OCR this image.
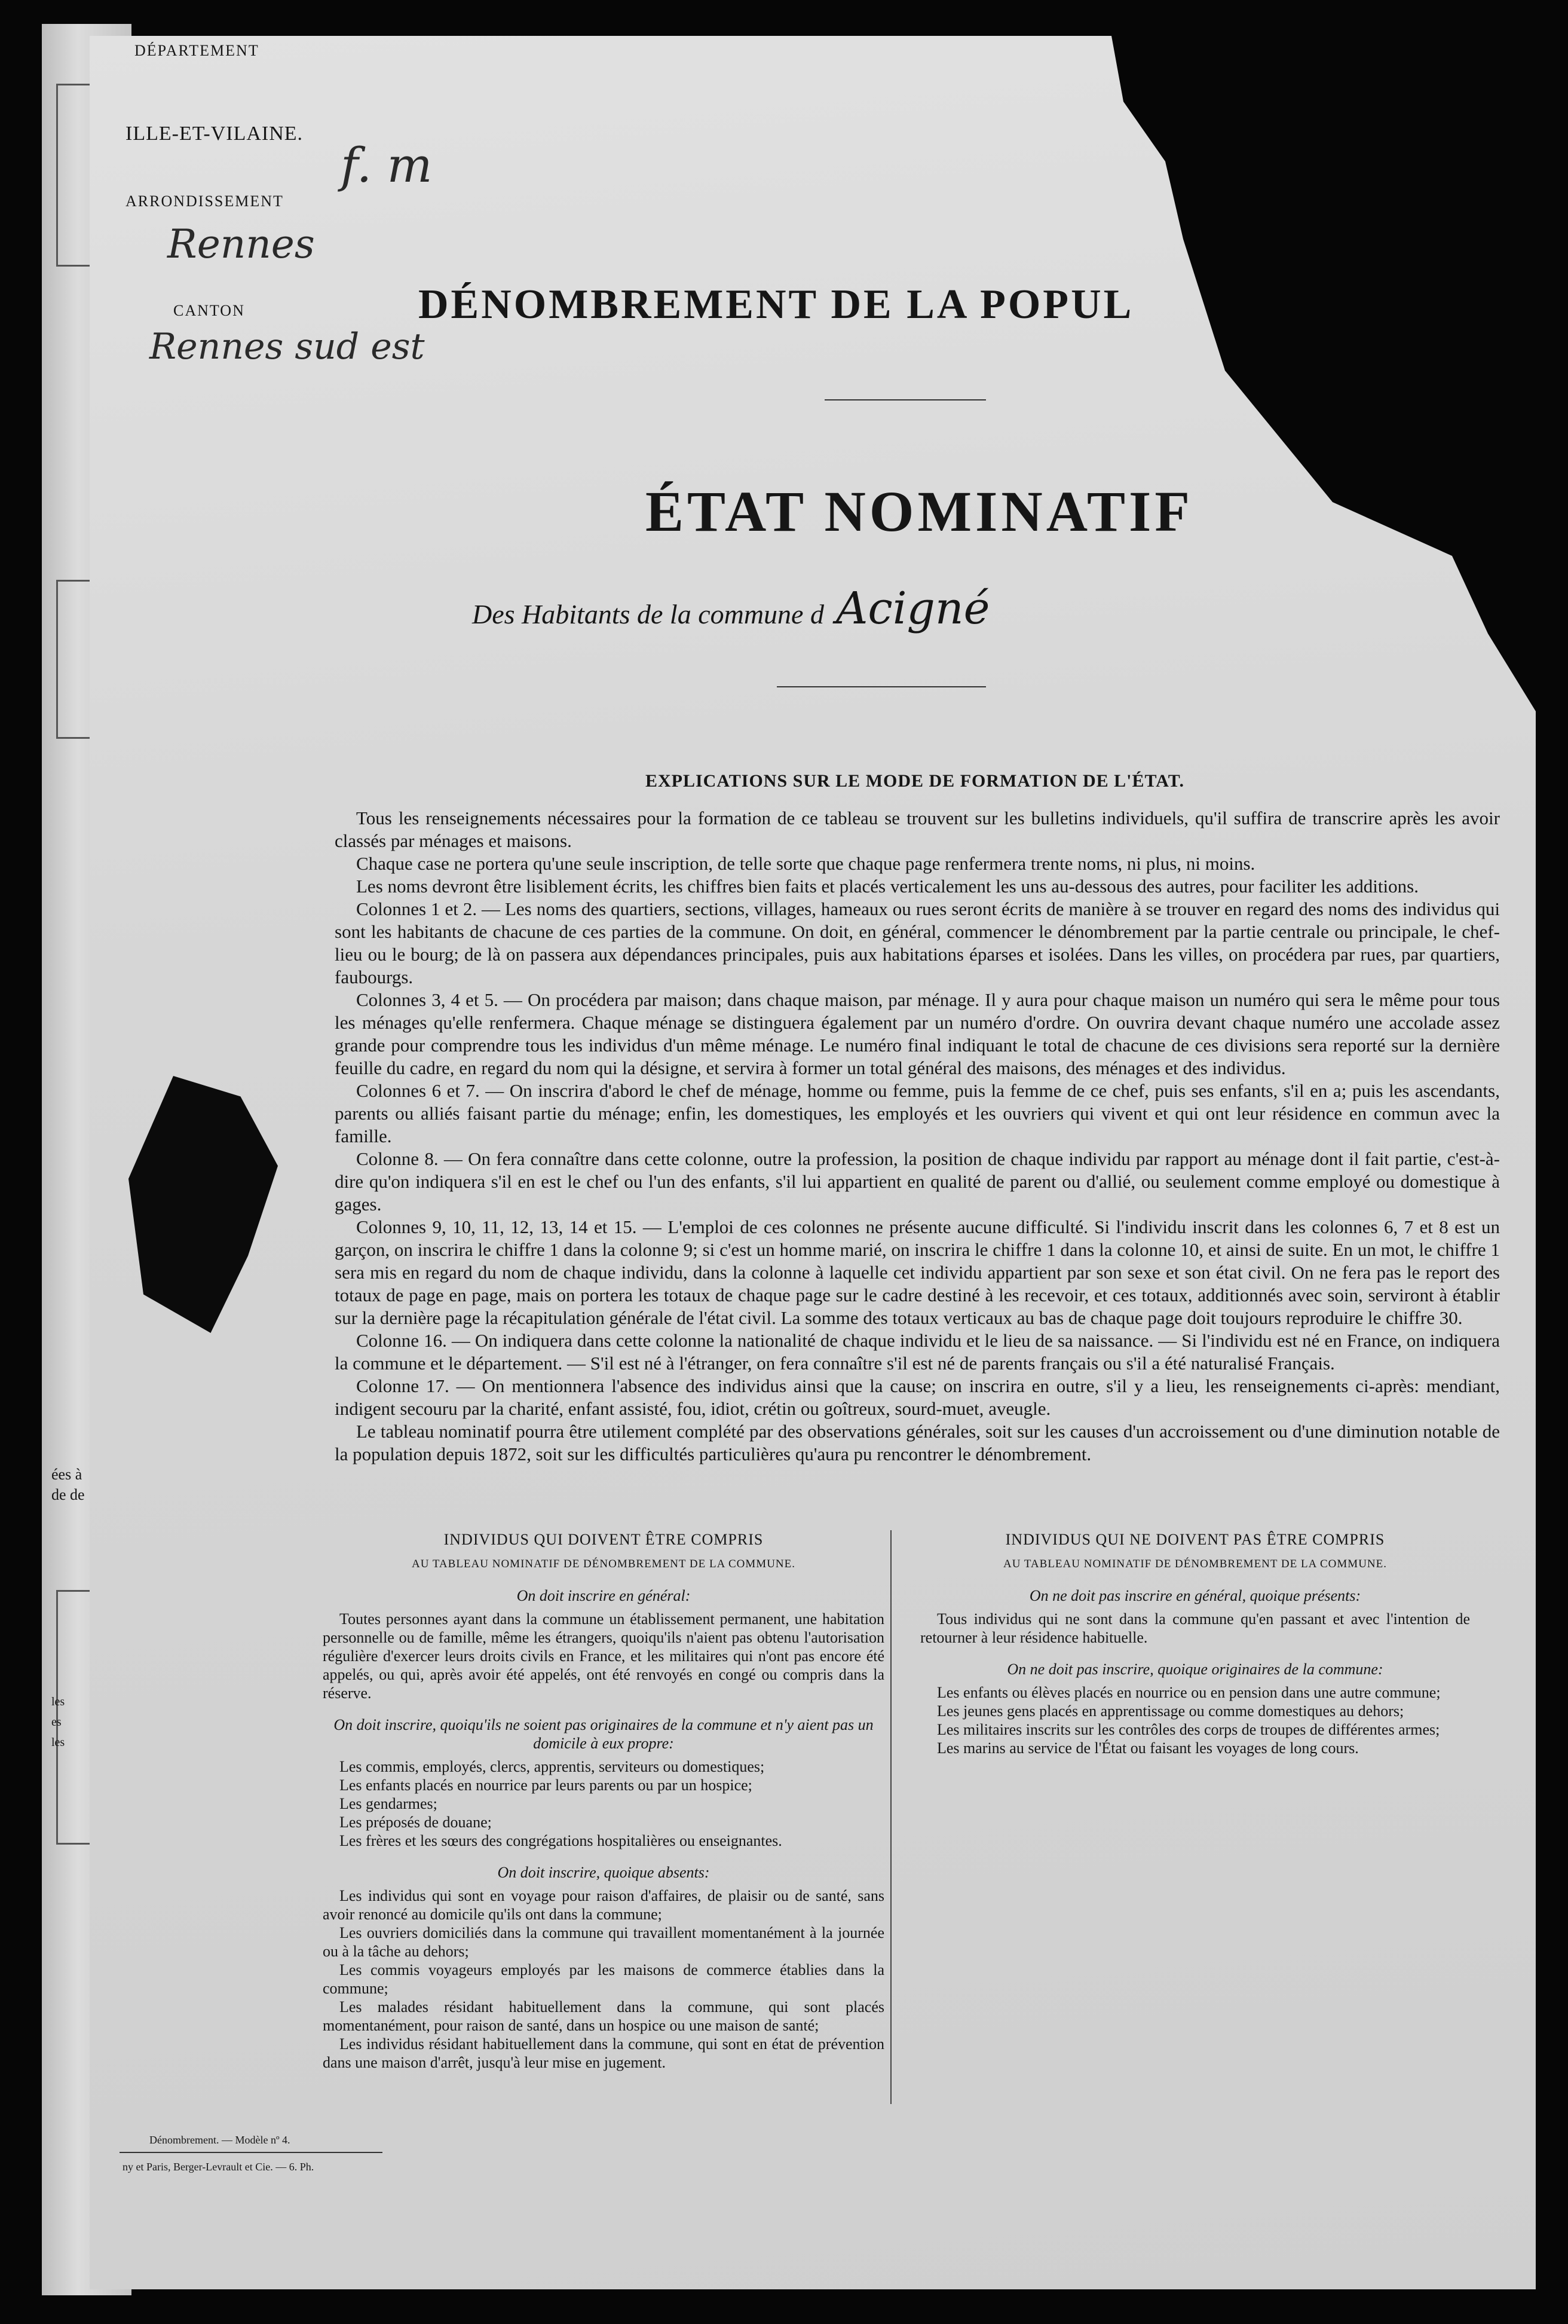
ées à
de de
les
es
les
DÉPARTEMENT
ILLE-ET-VILAINE.
ARRONDISSEMENT
Rennes
CANTON
Rennes sud est
f. m
DÉNOMBREMENT DE LA POPUL
ÉTAT NOMINATIF
Des Habitants de la commune d Acigné
EXPLICATIONS SUR LE MODE DE FORMATION DE L'ÉTAT.

Tous les renseignements nécessaires pour la formation de ce tableau se trouvent sur les bulletins individuels, qu'il suffira de transcrire après les avoir classés par ménages et maisons.

Chaque case ne portera qu'une seule inscription, de telle sorte que chaque page renfermera trente noms, ni plus, ni moins.

Les noms devront être lisiblement écrits, les chiffres bien faits et placés verticalement les uns au-dessous des autres, pour faciliter les additions.

Colonnes 1 et 2. — Les noms des quartiers, sections, villages, hameaux ou rues seront écrits de manière à se trouver en regard des noms des individus qui sont les habitants de chacune de ces parties de la commune. On doit, en général, commencer le dénombrement par la partie centrale ou principale, le chef-lieu ou le bourg; de là on passera aux dépendances principales, puis aux habitations éparses et isolées. Dans les villes, on procédera par rues, par quartiers, faubourgs.

Colonnes 3, 4 et 5. — On procédera par maison; dans chaque maison, par ménage. Il y aura pour chaque maison un numéro qui sera le même pour tous les ménages qu'elle renfermera. Chaque ménage se distinguera également par un numéro d'ordre. On ouvrira devant chaque numéro une accolade assez grande pour comprendre tous les individus d'un même ménage. Le numéro final indiquant le total de chacune de ces divisions sera reporté sur la dernière feuille du cadre, en regard du nom qui la désigne, et servira à former un total général des maisons, des ménages et des individus.

Colonnes 6 et 7. — On inscrira d'abord le chef de ménage, homme ou femme, puis la femme de ce chef, puis ses enfants, s'il en a; puis les ascendants, parents ou alliés faisant partie du ménage; enfin, les domestiques, les employés et les ouvriers qui vivent et qui ont leur résidence en commun avec la famille.

Colonne 8. — On fera connaître dans cette colonne, outre la profession, la position de chaque individu par rapport au ménage dont il fait partie, c'est-à-dire qu'on indiquera s'il en est le chef ou l'un des enfants, s'il lui appartient en qualité de parent ou d'allié, ou seulement comme employé ou domestique à gages.

Colonnes 9, 10, 11, 12, 13, 14 et 15. — L'emploi de ces colonnes ne présente aucune difficulté. Si l'individu inscrit dans les colonnes 6, 7 et 8 est un garçon, on inscrira le chiffre 1 dans la colonne 9; si c'est un homme marié, on inscrira le chiffre 1 dans la colonne 10, et ainsi de suite. En un mot, le chiffre 1 sera mis en regard du nom de chaque individu, dans la colonne à laquelle cet individu appartient par son sexe et son état civil. On ne fera pas le report des totaux de page en page, mais on portera les totaux de chaque page sur le cadre destiné à les recevoir, et ces totaux, additionnés avec soin, serviront à établir sur la dernière page la récapitulation générale de l'état civil. La somme des totaux verticaux au bas de chaque page doit toujours reproduire le chiffre 30.

Colonne 16. — On indiquera dans cette colonne la nationalité de chaque individu et le lieu de sa naissance. — Si l'individu est né en France, on indiquera la commune et le département. — S'il est né à l'étranger, on fera connaître s'il est né de parents français ou s'il a été naturalisé Français.

Colonne 17. — On mentionnera l'absence des individus ainsi que la cause; on inscrira en outre, s'il y a lieu, les renseignements ci-après: mendiant, indigent secouru par la charité, enfant assisté, fou, idiot, crétin ou goîtreux, sourd-muet, aveugle.

Le tableau nominatif pourra être utilement complété par des observations générales, soit sur les causes d'un accroissement ou d'une diminution notable de la population depuis 1872, soit sur les difficultés particulières qu'aura pu rencontrer le dénombrement.

INDIVIDUS QUI DOIVENT ÊTRE COMPRIS
AU TABLEAU NOMINATIF DE DÉNOMBREMENT DE LA COMMUNE.
On doit inscrire en général:

Toutes personnes ayant dans la commune un établissement permanent, une habitation personnelle ou de famille, même les étrangers, quoiqu'ils n'aient pas obtenu l'autorisation régulière d'exercer leurs droits civils en France, et les militaires qui n'ont pas encore été appelés, ou qui, après avoir été appelés, ont été renvoyés en congé ou compris dans la réserve.

On doit inscrire, quoiqu'ils ne soient pas originaires de la commune et n'y aient pas un domicile à eux propre:

Les commis, employés, clercs, apprentis, serviteurs ou domestiques;

Les enfants placés en nourrice par leurs parents ou par un hospice;

Les gendarmes;

Les préposés de douane;

Les frères et les sœurs des congrégations hospitalières ou enseignantes.

On doit inscrire, quoique absents:

Les individus qui sont en voyage pour raison d'affaires, de plaisir ou de santé, sans avoir renoncé au domicile qu'ils ont dans la commune;

Les ouvriers domiciliés dans la commune qui travaillent momentanément à la journée ou à la tâche au dehors;

Les commis voyageurs employés par les maisons de commerce établies dans la commune;

Les malades résidant habituellement dans la commune, qui sont placés momentanément, pour raison de santé, dans un hospice ou une maison de santé;

Les individus résidant habituellement dans la commune, qui sont en état de prévention dans une maison d'arrêt, jusqu'à leur mise en jugement.

INDIVIDUS QUI NE DOIVENT PAS ÊTRE COMPRIS
AU TABLEAU NOMINATIF DE DÉNOMBREMENT DE LA COMMUNE.
On ne doit pas inscrire en général, quoique présents:

Tous individus qui ne sont dans la commune qu'en passant et avec l'intention de retourner à leur résidence habituelle.

On ne doit pas inscrire, quoique originaires de la commune:

Les enfants ou élèves placés en nourrice ou en pension dans une autre commune;

Les jeunes gens placés en apprentissage ou comme domestiques au dehors;

Les militaires inscrits sur les contrôles des corps de troupes de différentes armes;

Les marins au service de l'État ou faisant les voyages de long cours.

Dénombrement. — Modèle nº 4.
ny et Paris, Berger-Levrault et Cie. — 6. Ph.
